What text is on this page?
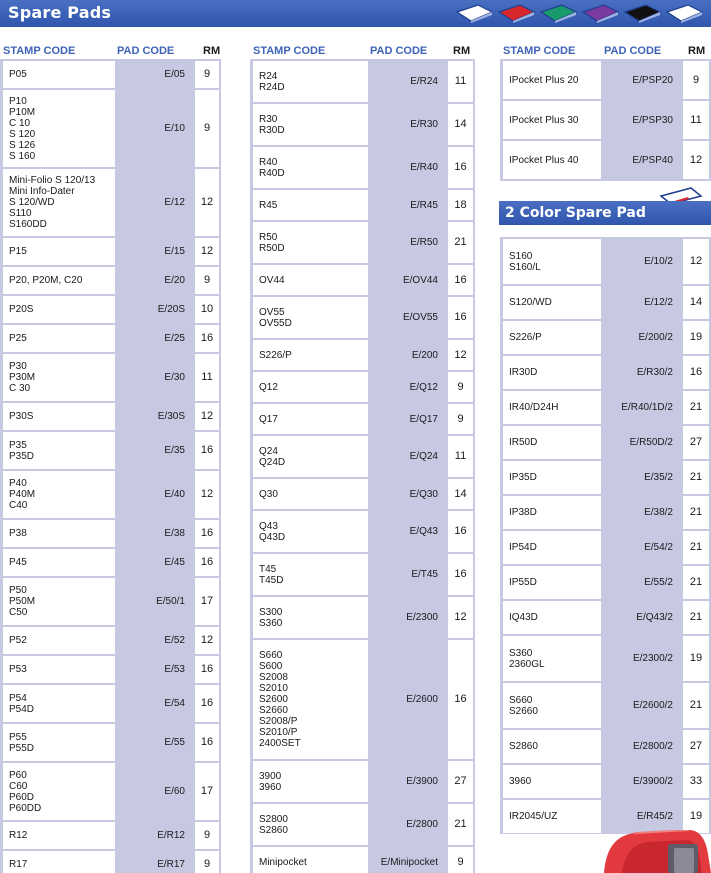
Spare Pads
STAMP CODE	PAD CODE	RM	STAMP CODE	PAD CODE RM	STAMP CODE	PAD CODE RM
P05	E/05	9
P10
P10M
C 10
S 120
S 126
S 160
E/10	9
Mini-Folio S 120/13
Mini Info-Dater
S 120/WD
S110
S160DD
E/12	12
P15	E/15	12
P20, P20M, C20	E/20	9
P20S	E/20S	10
P25	E/25	16
P30
P30M
C 30
E/30	11
P30S	E/30S	12
P35
P35D	E/35	16
P40
P40M
C40
E/40	12
P38	E/38	16
P45	E/45	16
P50
P50M
C50
E/50/1	17
P52	E/52	12
P53	E/53	16
P54
P54D	E/54	16
P55
P55D	E/55	16
P60
C60
P60D
P60DD
E/60	17
R12	E/R12	9
R17	E/R17	9
R24
R24D	E/R24	11
R30
R30D	E/R30	14
R40
R40D	E/R40	16
R45	E/R45	18
R50
R50D	E/R50	21
OV44	E/OV44	16
OV55
OV55D	E/OV55	16
S226/P	E/200	12
Q12	E/Q12	9
Q17	E/Q17	9
Q24
Q24D	E/Q24	11
Q30	E/Q30	14
Q43
Q43D	E/Q43	16
T45
T45D	E/T45	16
S300
S360	E/2300	12
S660
S600
S2008
S2010
S2600
S2660
S2008/P
S2010/P
2400SET
E/2600	16
3900
3960	E/3900	27
S2800
S2860	E/2800	21
Minipocket	E/Minipocket	9
IPocket Plus 20	E/PSP20	9
IPocket Plus 30	E/PSP30	11
IPocket Plus 40	E/PSP40	12
2 Color Spare Pad
S160
S160/L	E/10/2	12
S120/WD	E/12/2	14
S226/P	E/200/2	19
IR30D	E/R30/2	16
IR40/D24H	E/R40/1D/2	21
IR50D	E/R50D/2	27
IP35D	E/35/2	21
IP38D	E/38/2	21
IP54D	E/54/2	21
IP55D	E/55/2	21
IQ43D	E/Q43/2	21
S360
2360GL	E/2300/2	19
S660
S2660	E/2600/2	21
S2860	E/2800/2	27
3960	E/3900/2	33
IR2045/UZ	E/R45/2	19
